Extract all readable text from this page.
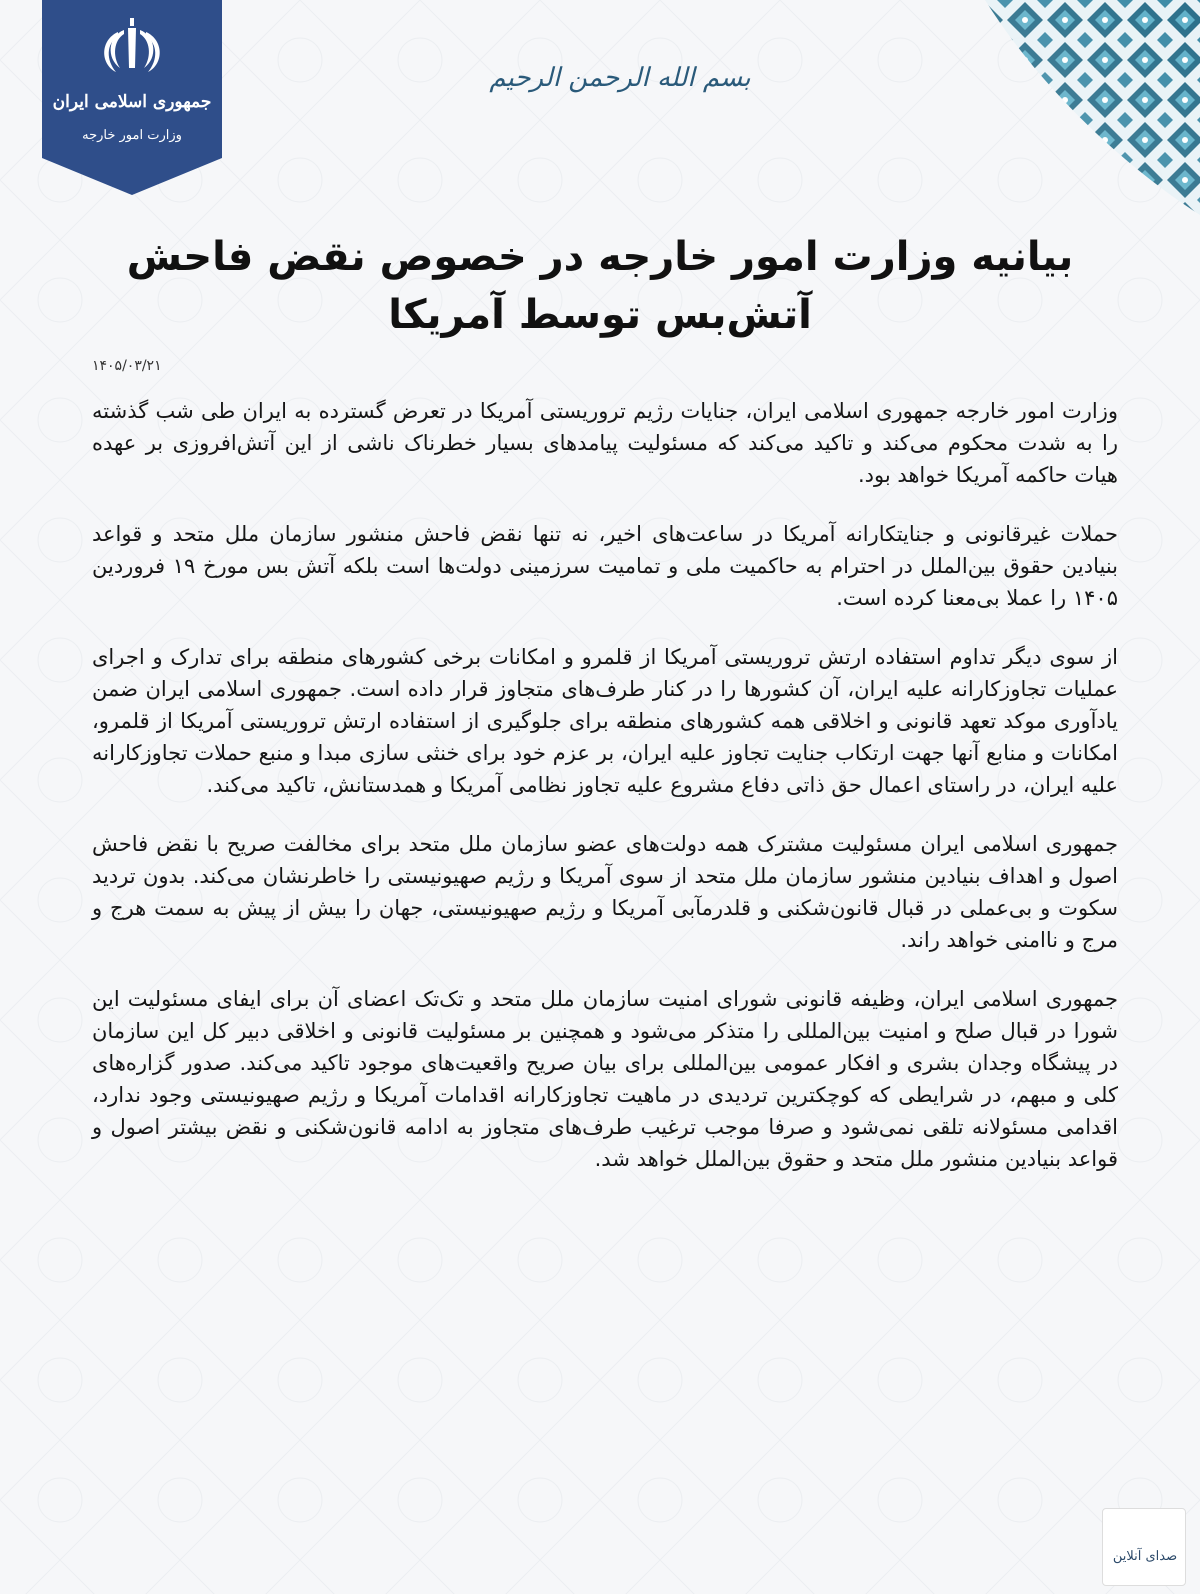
جمهوری اسلامی ایران
وزارت امور خارجه
بسم الله الرحمن الرحیم
بیانیه وزارت امور خارجه در خصوص نقض فاحش آتش‌بس توسط آمریکا
۱۴۰۵/۰۳/۲۱

وزارت امور خارجه جمهوری اسلامی ایران، جنایات رژیم تروریستی آمریکا در تعرض گسترده به ایران طی شب گذشته را به شدت محکوم می‌کند و تاکید می‌کند که مسئولیت پیامدهای بسیار خطرناک ناشی از این آتش‌افروزی بر عهده هیات حاکمه آمریکا خواهد بود.

حملات غیرقانونی و جنایتکارانه آمریکا در ساعت‌های اخیر، نه تنها نقض فاحش منشور سازمان ملل متحد و قواعد بنیادین حقوق بین‌الملل در احترام به حاکمیت ملی و تمامیت سرزمینی دولت‌ها است بلکه آتش بس مورخ ۱۹ فروردین ۱۴۰۵ را عملا بی‌معنا کرده است.

از سوی دیگر تداوم استفاده ارتش تروریستی آمریکا از قلمرو و امکانات برخی کشورهای منطقه برای تدارک و اجرای عملیات تجاوزکارانه علیه ایران، آن کشورها را در کنار طرف‌های متجاوز قرار داده است. جمهوری اسلامی ایران ضمن یادآوری موکد تعهد قانونی و اخلاقی همه کشورهای منطقه برای جلوگیری از استفاده ارتش تروریستی آمریکا از قلمرو، امکانات و منابع آنها جهت ارتکاب جنایت تجاوز علیه ایران، بر عزم خود برای خنثی سازی مبدا و منبع حملات تجاوزکارانه علیه ایران، در راستای اعمال حق ذاتی دفاع مشروع علیه تجاوز نظامی آمریکا و همدستانش، تاکید می‌کند.

جمهوری اسلامی ایران مسئولیت مشترک همه دولت‌های عضو سازمان ملل متحد برای مخالفت صریح با نقض فاحش اصول و اهداف بنیادین منشور سازمان ملل متحد از سوی آمریکا و رژیم صهیونیستی را خاطرنشان می‌کند. بدون تردید سکوت و بی‌عملی در قبال قانون‌شکنی و قلدرمآبی آمریکا و رژیم صهیونیستی، جهان را بیش از پیش به سمت هرج و مرج و ناامنی خواهد راند.

جمهوری اسلامی ایران، وظیفه قانونی شورای امنیت سازمان ملل متحد و تک‌تک اعضای آن برای ایفای مسئولیت این شورا در قبال صلح و امنیت بین‌المللی را متذکر می‌شود و همچنین بر مسئولیت قانونی و اخلاقی دبیر کل این سازمان در پیشگاه وجدان بشری و افکار عمومی بین‌المللی برای بیان صریح واقعیت‌های موجود تاکید می‌کند. صدور گزاره‌های کلی و مبهم، در شرایطی که کوچکترین تردیدی در ماهیت تجاوزکارانه اقدامات آمریکا و رژیم صهیونیستی وجود ندارد، اقدامی مسئولانه تلقی نمی‌شود و صرفا موجب ترغیب طرف‌های متجاوز به ادامه قانون‌شکنی و نقض بیشتر اصول و قواعد بنیادین منشور ملل متحد و حقوق بین‌الملل خواهد شد.

صدای آنلاین
